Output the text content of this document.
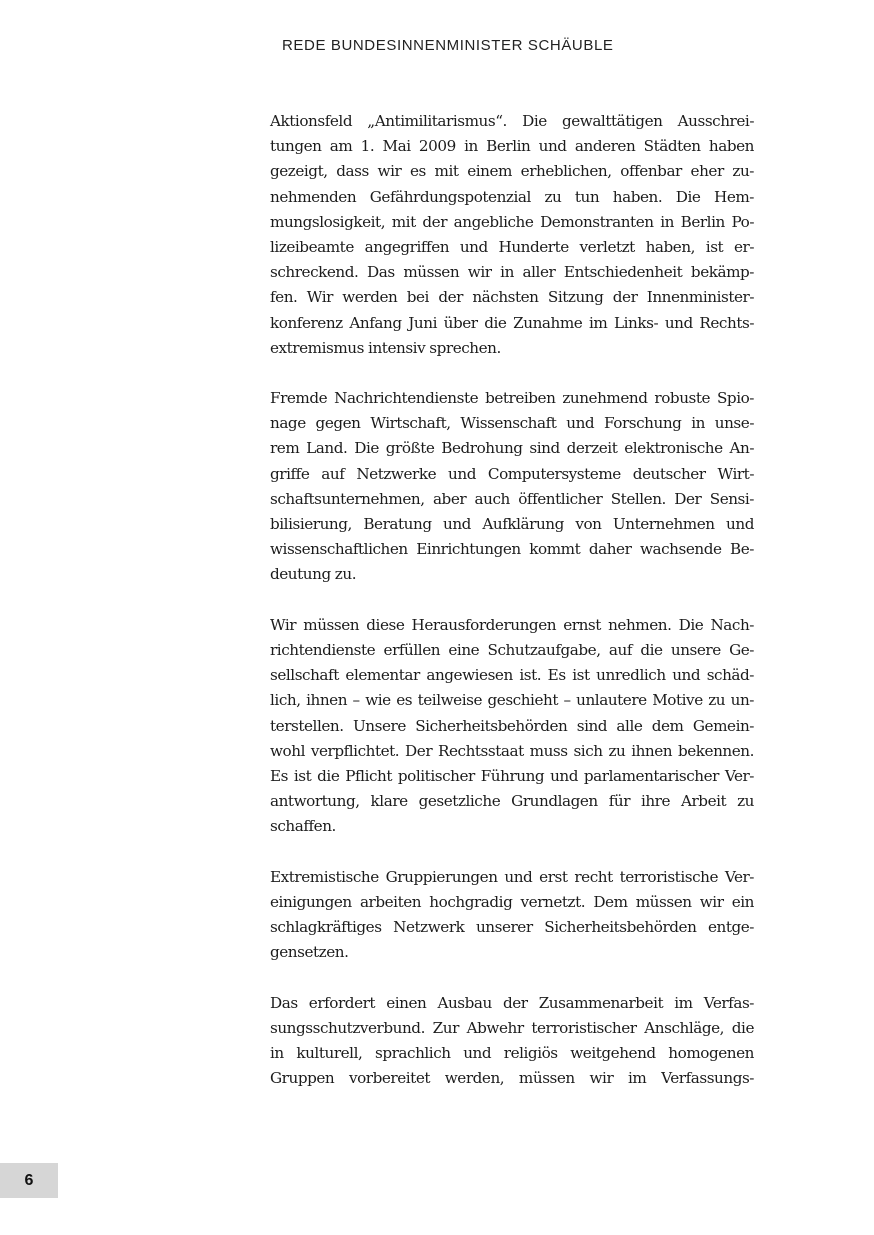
REDE BUNDESINNENMINISTER SCHÄUBLE
Aktionsfeld „Antimilitarismus“. Die gewalttätigen Ausschrei-
tungen am 1. Mai 2009 in Berlin und anderen Städten haben
gezeigt, dass wir es mit einem erheblichen, offenbar eher zu-
nehmenden Gefährdungspotenzial zu tun haben. Die Hem-
mungslosigkeit, mit der angebliche Demonstranten in Berlin Po-
lizeibeamte angegriffen und Hunderte verletzt haben, ist er-
schreckend. Das müssen wir in aller Entschiedenheit bekämp-
fen. Wir werden bei der nächsten Sitzung der Innenminister-
konferenz Anfang Juni über die Zunahme im Links- und Rechts-
extremismus intensiv sprechen.
Fremde Nachrichtendienste betreiben zunehmend robuste Spio-
nage gegen Wirtschaft, Wissenschaft und Forschung in unse-
rem Land. Die größte Bedrohung sind derzeit elektronische An-
griffe auf Netzwerke und Computersysteme deutscher Wirt-
schaftsunternehmen, aber auch öffentlicher Stellen. Der Sensi-
bilisierung, Beratung und Aufklärung von Unternehmen und
wissenschaftlichen Einrichtungen kommt daher wachsende Be-
deutung zu.
Wir müssen diese Herausforderungen ernst nehmen. Die Nach-
richtendienste erfüllen eine Schutzaufgabe, auf die unsere Ge-
sellschaft elementar angewiesen ist. Es ist unredlich und schäd-
lich, ihnen – wie es teilweise geschieht – unlautere Motive zu un-
terstellen. Unsere Sicherheitsbehörden sind alle dem Gemein-
wohl verpflichtet. Der Rechtsstaat muss sich zu ihnen bekennen.
Es ist die Pflicht politischer Führung und parlamentarischer Ver-
antwortung, klare gesetzliche Grundlagen für ihre Arbeit zu
schaffen.
Extremistische Gruppierungen und erst recht terroristische Ver-
einigungen arbeiten hochgradig vernetzt. Dem müssen wir ein
schlagkräftiges Netzwerk unserer Sicherheitsbehörden entge-
gensetzen.
Das erfordert einen Ausbau der Zusammenarbeit im Verfas-
sungsschutzverbund. Zur Abwehr terroristischer Anschläge, die
in kulturell, sprachlich und religiös weitgehend homogenen
Gruppen vorbereitet werden, müssen wir im Verfassungs-
6
